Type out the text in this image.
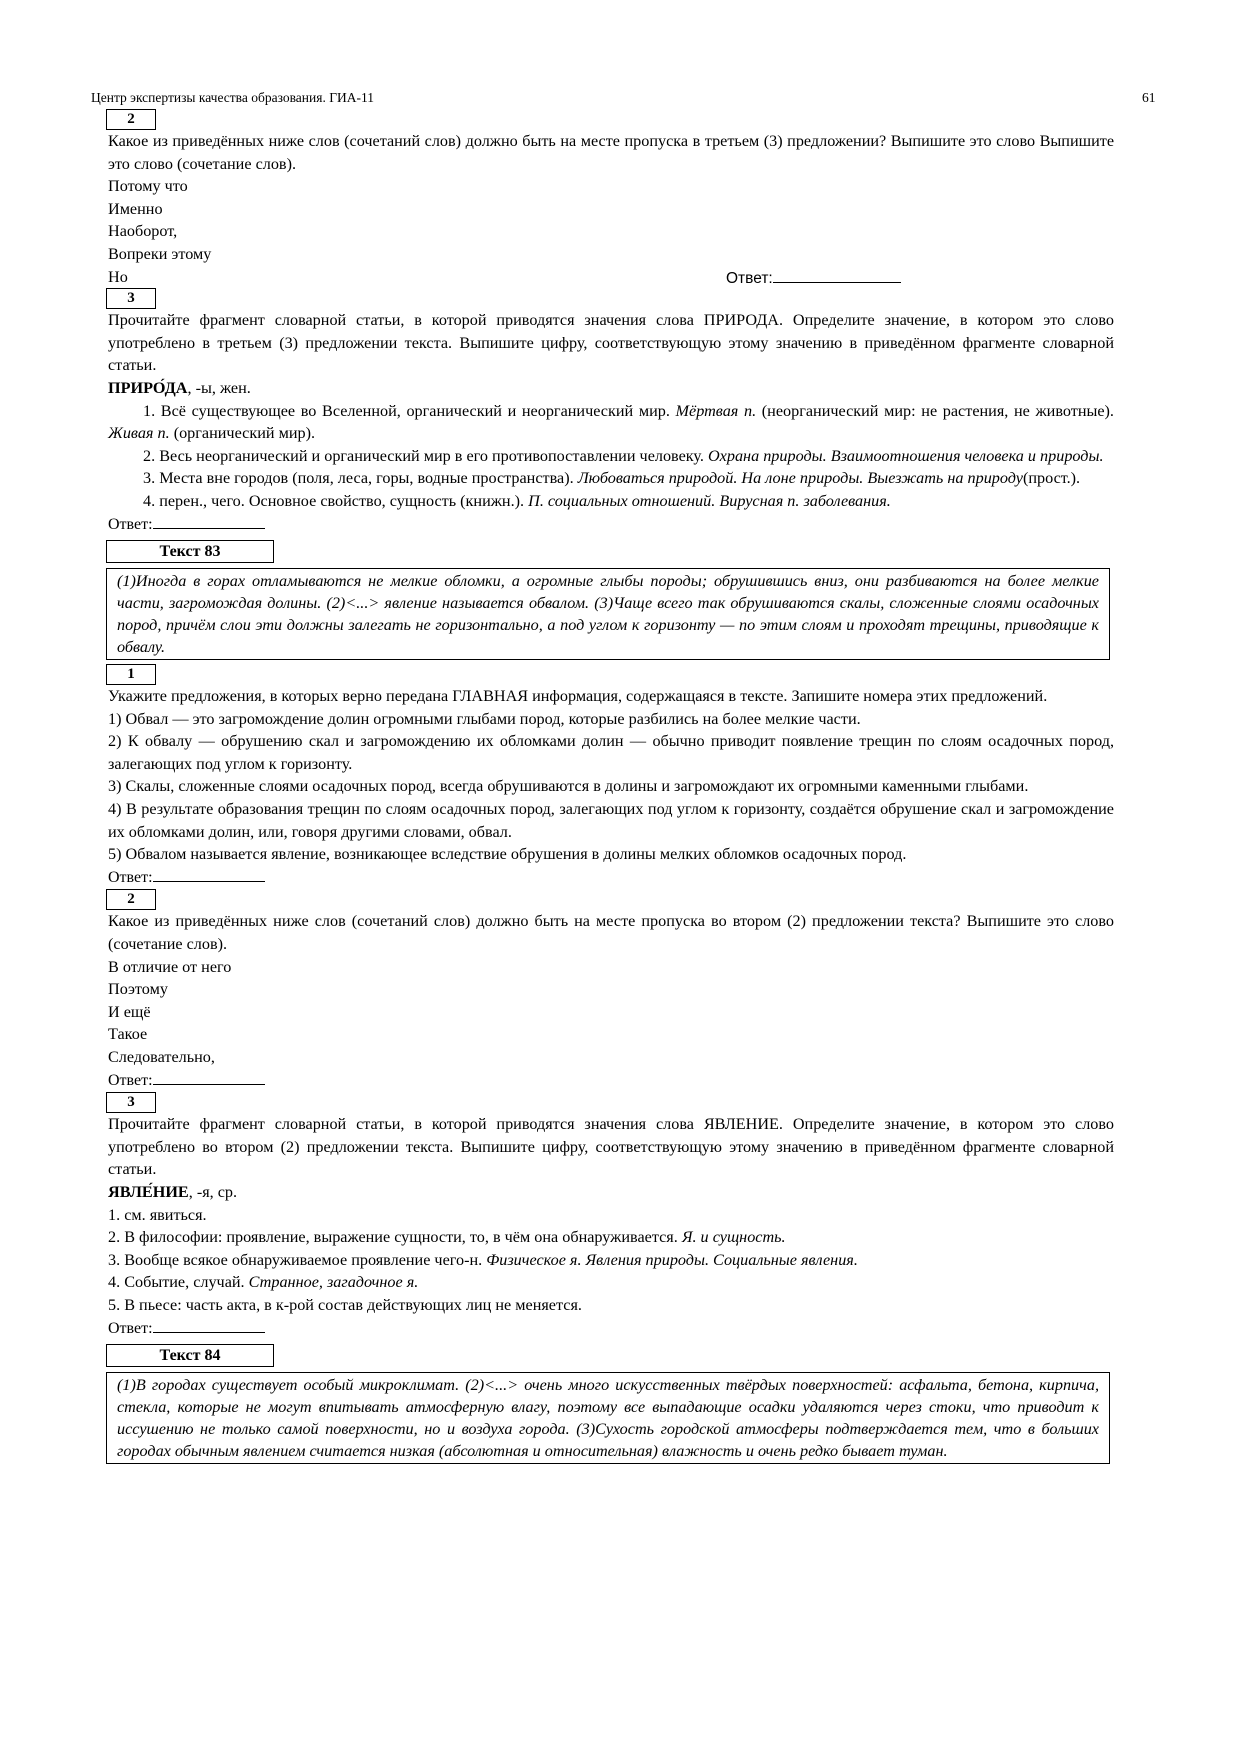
Центр экспертизы качества образования. ГИА-11	61
2

Какое из приведённых ниже слов (сочетаний слов) должно быть на месте пропуска в третьем (3) предложении? Выпишите это слово Выпишите это слово (сочетание слов).

Потому что

Именно

Наоборот,

Вопреки этому

Но	Ответ:
3

Прочитайте фрагмент словарной статьи, в которой приводятся значения слова ПРИРОДА. Определите значение, в котором это слово употреблено в третьем (3) предложении текста. Выпишите цифру, соответствующую этому значению в приведённом фрагменте словарной статьи.

ПРИРО́ДА, -ы, жен.

1. Всё существующее во Вселенной, органический и неорганический мир. Мёртвая п. (неорганический мир: не растения, не животные). Живая п. (органический мир).

2. Весь неорганический и органический мир в его противопоставлении человеку. Охрана природы. Взаимоотношения человека и природы.

3. Места вне городов (поля, леса, горы, водные пространства). Любоваться природой. На лоне природы. Выезжать на природу(прост.).

4. перен., чего. Основное свойство, сущность (книжн.). П. социальных отношений. Вирусная п. заболевания.

Ответ:

Текст 83
(1)Иногда в горах отламываются не мелкие обломки, а огромные глыбы породы; обрушившись вниз, они разбиваются на более мелкие части, загромождая долины. (2)<...> явление называется обвалом. (3)Чаще всего так обрушиваются скалы, сложенные слоями осадочных пород, причём слои эти должны залегать не горизонтально, а под углом к горизонту — по этим слоям и проходят трещины, приводящие к обвалу.
1

Укажите предложения, в которых верно передана ГЛАВНАЯ информация, содержащаяся в тексте. Запишите номера этих предложений.

1) Обвал — это загромождение долин огромными глыбами пород, которые разбились на более мелкие части.

2) К обвалу — обрушению скал и загромождению их обломками долин — обычно приводит появление трещин по слоям осадочных пород, залегающих под углом к горизонту.

3) Скалы, сложенные слоями осадочных пород, всегда обрушиваются в долины и загромождают их огромными каменными глыбами.

4) В результате образования трещин по слоям осадочных пород, залегающих под углом к горизонту, создаётся обрушение скал и загромождение их обломками долин, или, говоря другими словами, обвал.

5) Обвалом называется явление, возникающее вследствие обрушения в долины мелких обломков осадочных пород.

Ответ:

2

Какое из приведённых ниже слов (сочетаний слов) должно быть на месте пропуска во втором (2) предложении текста? Выпишите это слово (сочетание слов).

В отличие от него

Поэтому

И ещё

Такое

Следовательно,

Ответ:

3

Прочитайте фрагмент словарной статьи, в которой приводятся значения слова ЯВЛЕНИЕ. Определите значение, в котором это слово употреблено во втором (2) предложении текста. Выпишите цифру, соответствующую этому значению в приведённом фрагменте словарной статьи.

ЯВЛЕ́НИЕ, -я, ср.

1. см. явиться.

2. В философии: проявление, выражение сущности, то, в чём она обнаруживается. Я. и сущность.

3. Вообще всякое обнаруживаемое проявление чего-н. Физическое я. Явления природы. Социальные явления.

4. Событие, случай. Странное, загадочное я.

5. В пьесе: часть акта, в к-рой состав действующих лиц не меняется.

Ответ:

Текст 84
(1)В городах существует особый микроклимат. (2)<...> очень много искусственных твёрдых поверхностей: асфальта, бетона, кирпича, стекла, которые не могут впитывать атмосферную влагу, поэтому все выпадающие осадки удаляются через стоки, что приводит к иссушению не только самой поверхности, но и воздуха города. (3)Сухость городской атмосферы подтверждается тем, что в больших городах обычным явлением считается низкая (абсолютная и относительная) влажность и очень редко бывает туман.
